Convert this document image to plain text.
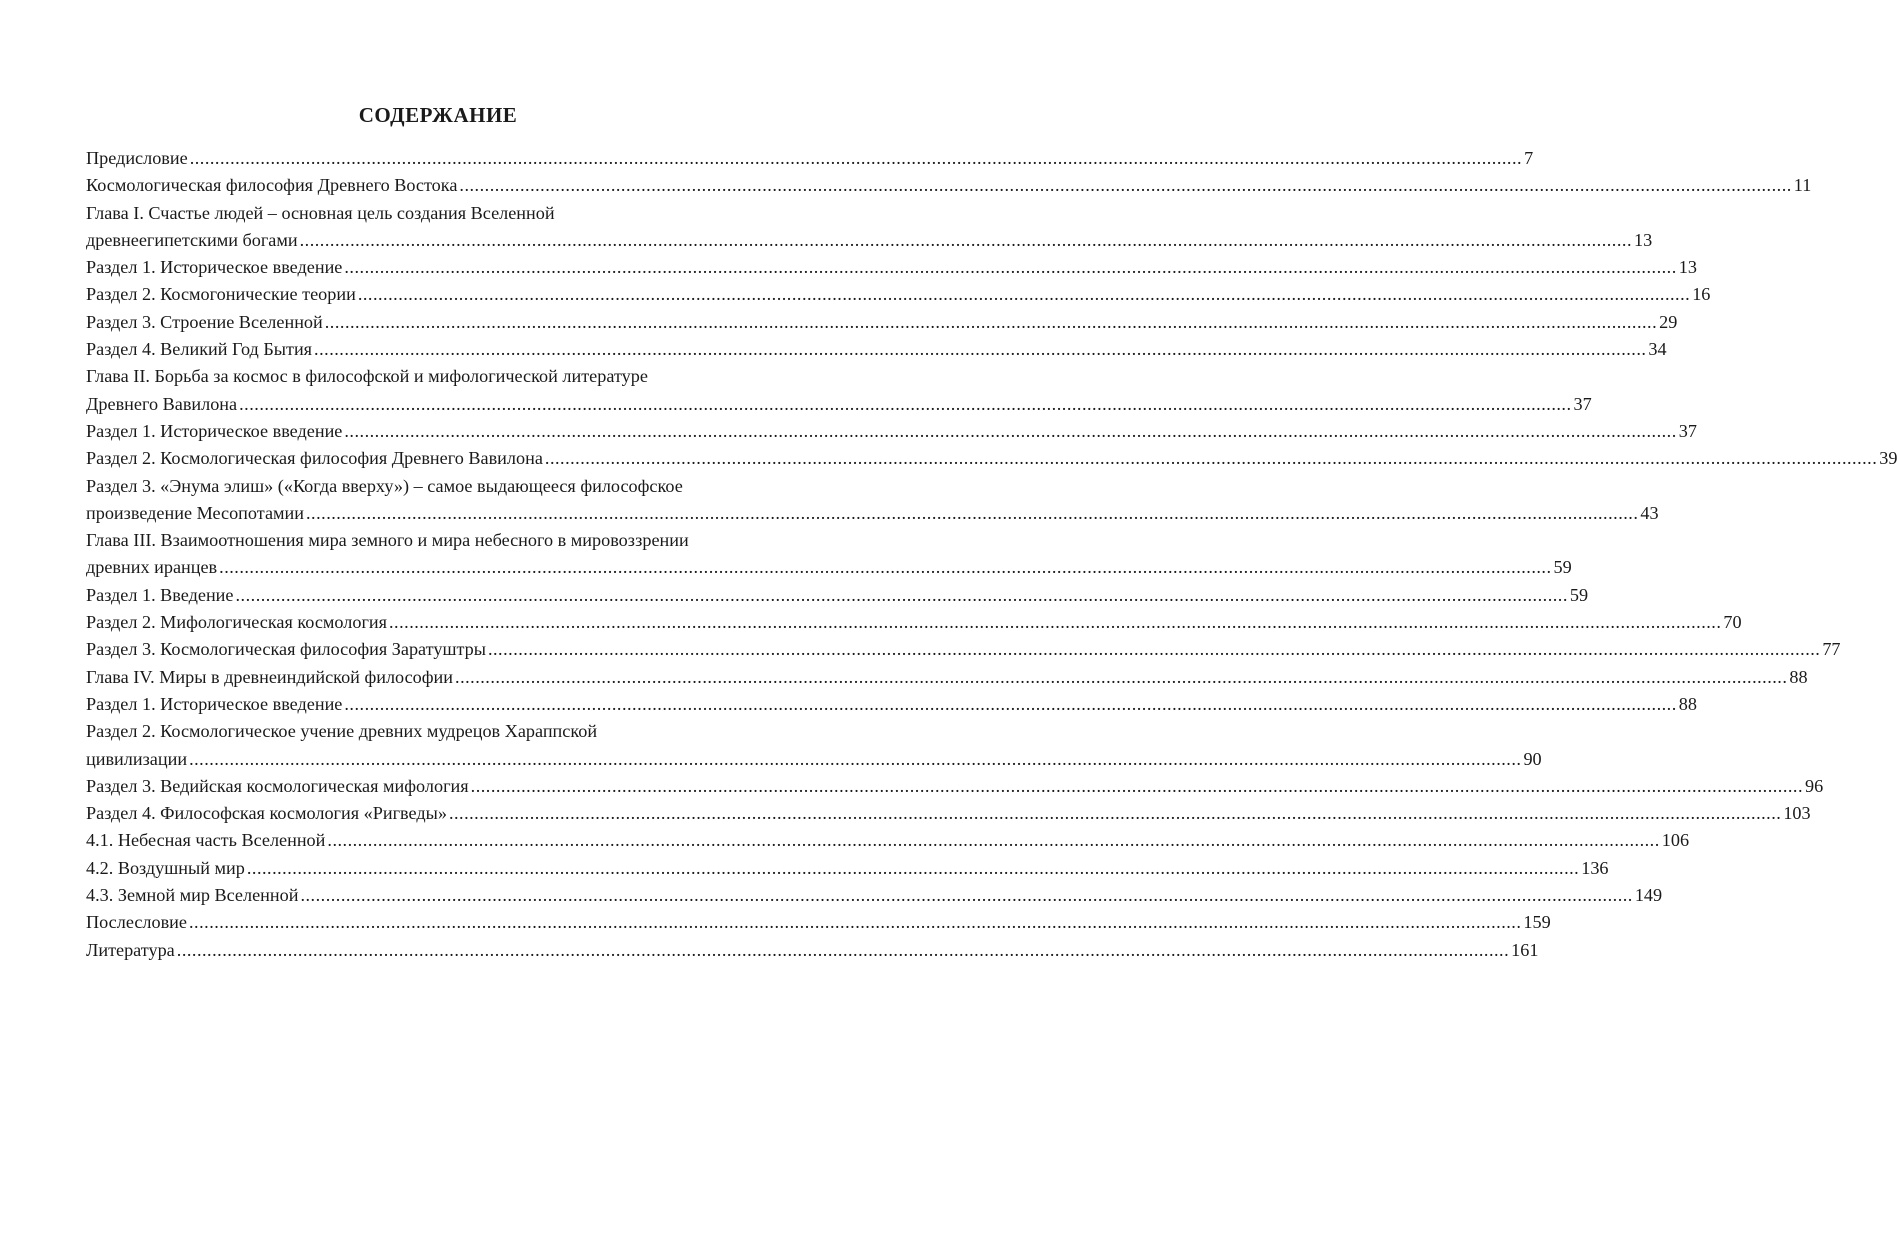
СОДЕРЖАНИЕ
Предисловие .....	7
Космологическая философия Древнего Востока .....	11
Глава I. Счастье людей – основная цель создания Вселенной
древнеегипетскими богами .....	13
Раздел 1. Историческое введение .....	13
Раздел 2. Космогонические теории .....	16
Раздел 3. Строение Вселенной .....	29
Раздел 4. Великий Год Бытия .....	34
Глава II. Борьба за космос в философской и мифологической литературе
Древнего Вавилона .....	37
Раздел 1. Историческое введение .....	37
Раздел 2. Космологическая философия Древнего Вавилона .....	39
Раздел 3. «Энума элиш» («Когда вверху») – самое выдающееся философское
произведение Месопотамии .....	43
Глава III. Взаимоотношения мира земного и мира небесного в мировоззрении
древних иранцев .....	59
Раздел 1. Введение .....	59
Раздел 2. Мифологическая космология .....	70
Раздел 3. Космологическая философия Заратуштры .....	77
Глава IV. Миры в древнеиндийской философии .....	88
Раздел 1. Историческое введение .....	88
Раздел 2. Космологическое учение древних мудрецов Хараппской
цивилизации .....	90
Раздел 3. Ведийская космологическая мифология .....	96
Раздел 4. Философская космология «Ригведы» .....	103
4.1. Небесная часть Вселенной .....	106
4.2. Воздушный мир .....	136
4.3. Земной мир Вселенной .....	149
Послесловие .....	159
Литература .....	161
